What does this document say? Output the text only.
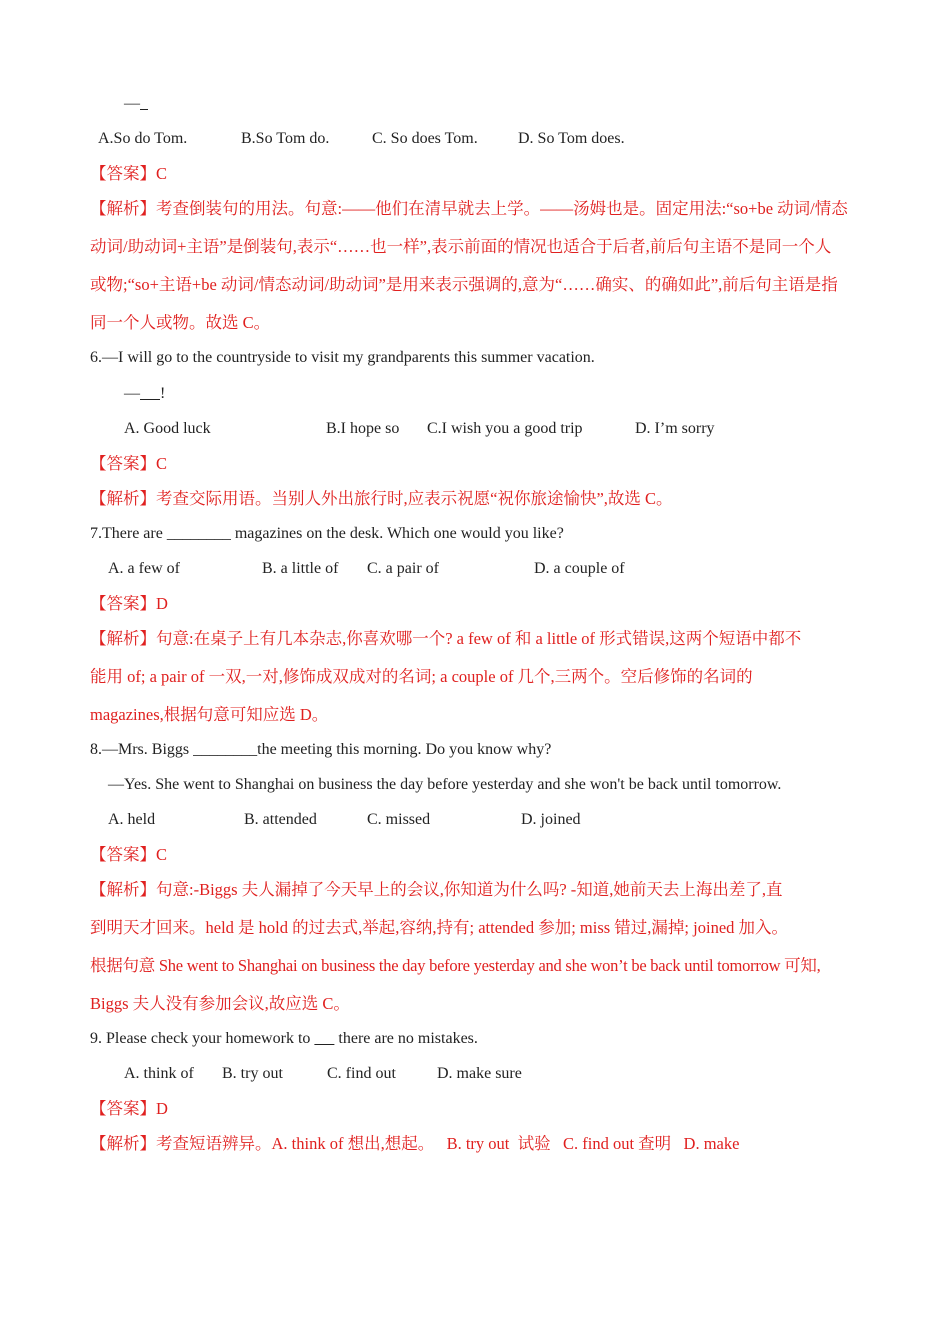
—
A.So do Tom.	B.So Tom do.	C. So does Tom.	D. So Tom does.
【答案】C
【解析】考查倒装句的用法。句意:——他们在清早就去上学。——汤姆也是。固定用法:“so+be 动词/情态
动词/助动词+主语”是倒装句,表示“……也一样”,表示前面的情况也适合于后者,前后句主语不是同一个人
或物;“so+主语+be 动词/情态动词/助动词”是用来表示强调的,意为“……确实、的确如此”,前后句主语是指
同一个人或物。故选 C。
6.—I will go to the countryside to visit my grandparents this summer vacation.
— !
A. Good luck	B.I hope so C.I wish you a good trip	D. I’m sorry
【答案】C
【解析】考查交际用语。当别人外出旅行时,应表示祝愿“祝你旅途愉快”,故选 C。
7.There are ________ magazines on the desk. Which one would you like?
A. a few of	B. a little of C. a pair of	D. a couple of
【答案】D
【解析】句意:在桌子上有几本杂志,你喜欢哪一个? a few of 和 a little of 形式错误,这两个短语中都不
能用 of; a pair of 一双,一对,修饰成双成对的名词; a couple of 几个,三两个。空后修饰的名词的
magazines,根据句意可知应选 D。
8.—Mrs. Biggs ________the meeting this morning. Do you know why?
—Yes. She went to Shanghai on business the day before yesterday and she won't be back until tomorrow.
A. held	B. attended	C. missed	D. joined
【答案】C
【解析】句意:-Biggs 夫人漏掉了今天早上的会议,你知道为什么吗? -知道,她前天去上海出差了,直
到明天才回来。held 是 hold 的过去式,举起,容纳,持有; attended 参加; miss 错过,漏掉; joined 加入。
根据句意 She went to Shanghai on business the day before yesterday and she won’t be back until tomorrow 可知,
Biggs 夫人没有参加会议,故应选 C。
9. Please check your homework to       there are no mistakes.
A. think of B. try out	C. find out	D. make sure
【答案】D
【解析】考查短语辨异。A. think of 想出,想起。   B. try out  试验   C. find out 查明   D. make
